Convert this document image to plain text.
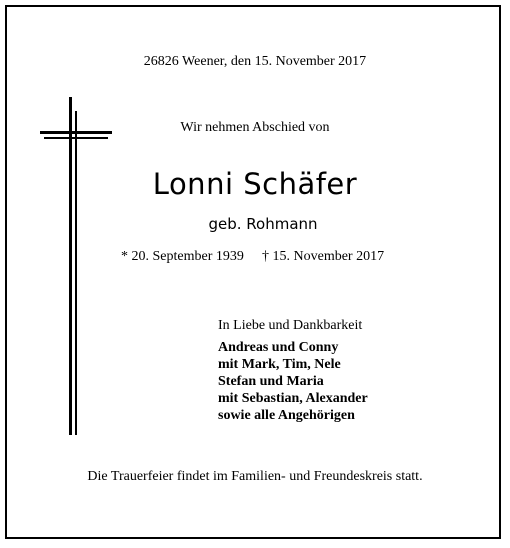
26826 Weener, den 15. November 2017
Wir nehmen Abschied von
Lonni Schäfer
geb. Rohmann
* 20. September 1939 † 15. November 2017
In Liebe und Dankbarkeit
Andreas und Conny
mit Mark, Tim, Nele
Stefan und Maria
mit Sebastian, Alexander
sowie alle Angehörigen
Die Trauerfeier findet im Familien- und Freundeskreis statt.
